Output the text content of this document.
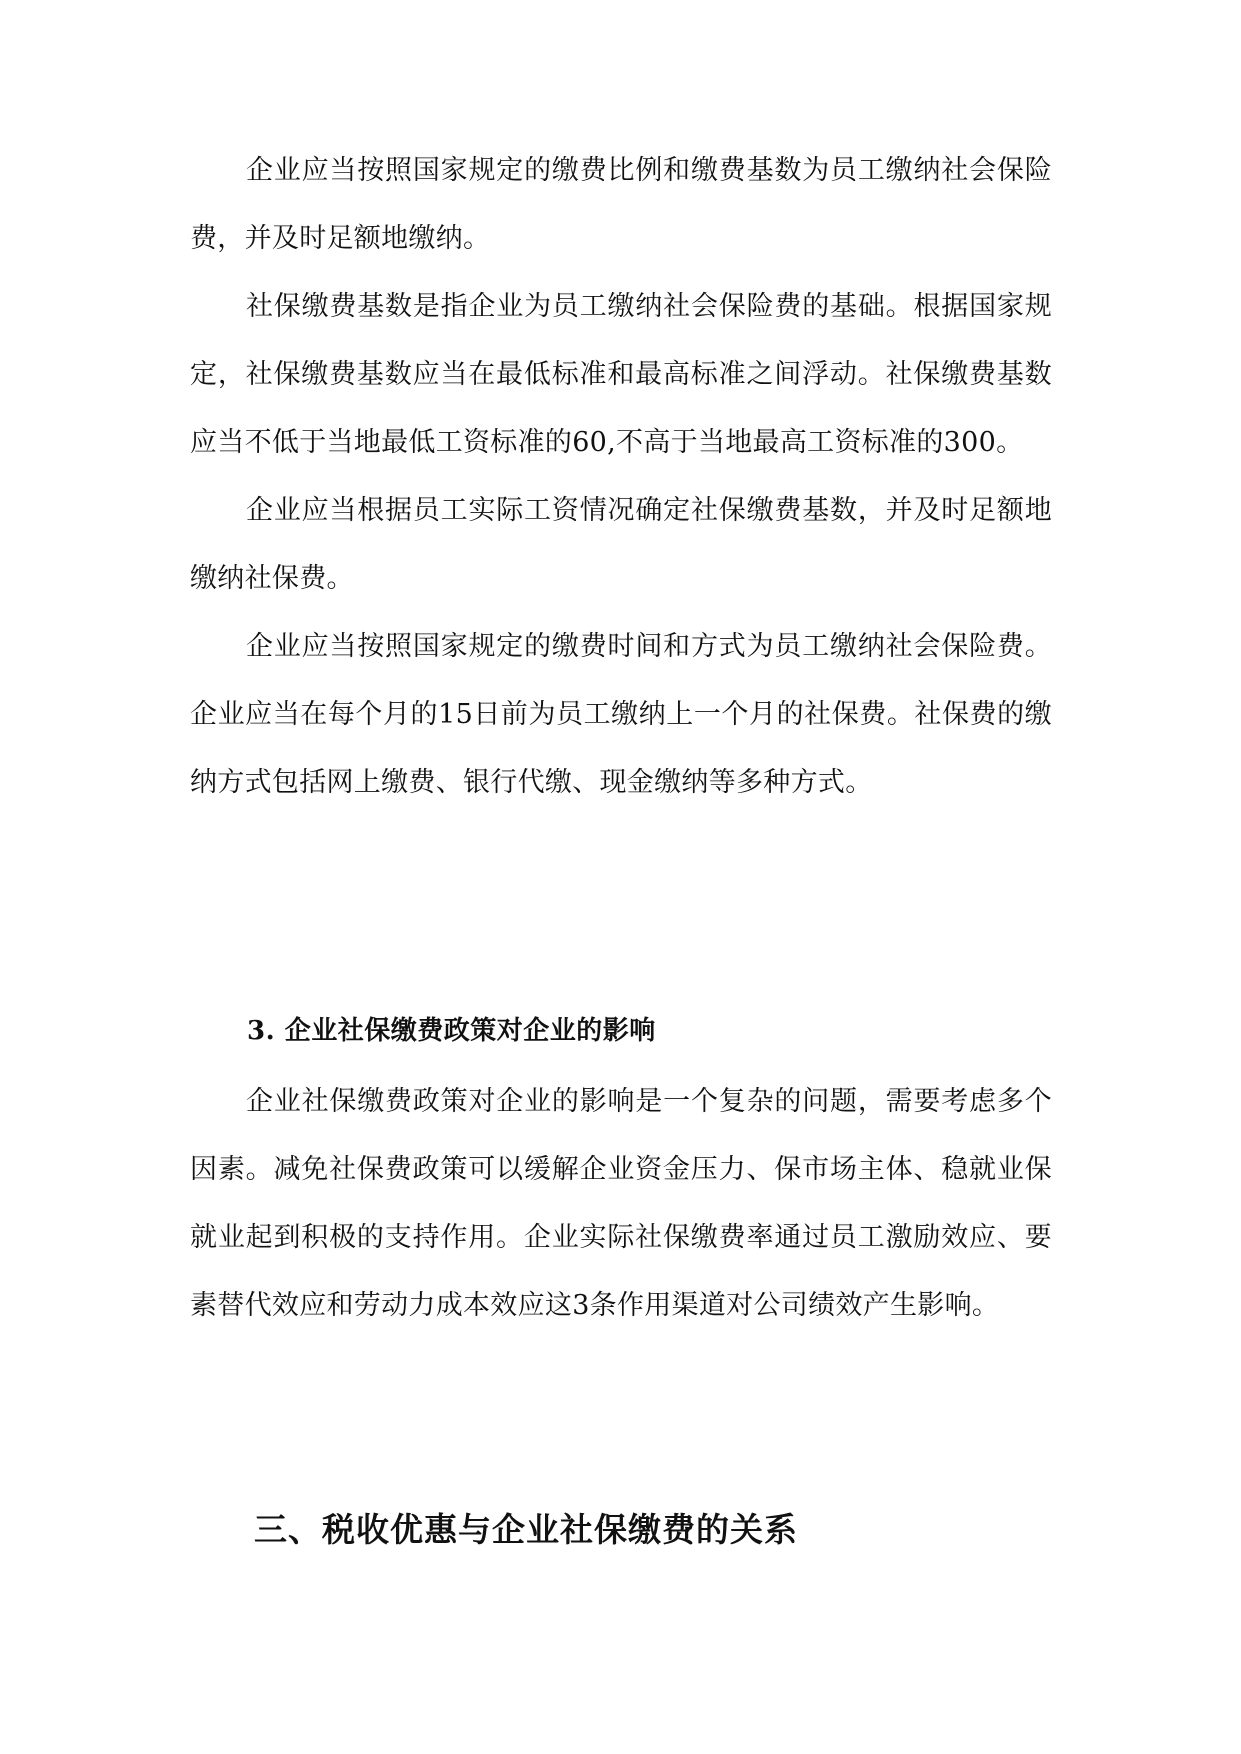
企业应当按照国家规定的缴费比例和缴费基数为员工缴纳社会保险费，并及时足额地缴纳。

社保缴费基数是指企业为员工缴纳社会保险费的基础。根据国家规定，社保缴费基数应当在最低标准和最高标准之间浮动。社保缴费基数应当不低于当地最低工资标准的60,不高于当地最高工资标准的300。

企业应当根据员工实际工资情况确定社保缴费基数，并及时足额地缴纳社保费。

企业应当按照国家规定的缴费时间和方式为员工缴纳社会保险费。企业应当在每个月的15日前为员工缴纳上一个月的社保费。社保费的缴纳方式包括网上缴费、银行代缴、现金缴纳等多种方式。

3. 企业社保缴费政策对企业的影响

企业社保缴费政策对企业的影响是一个复杂的问题，需要考虑多个因素。减免社保费政策可以缓解企业资金压力、保市场主体、稳就业保就业起到积极的支持作用。企业实际社保缴费率通过员工激励效应、要素替代效应和劳动力成本效应这3条作用渠道对公司绩效产生影响。

三、税收优惠与企业社保缴费的关系
